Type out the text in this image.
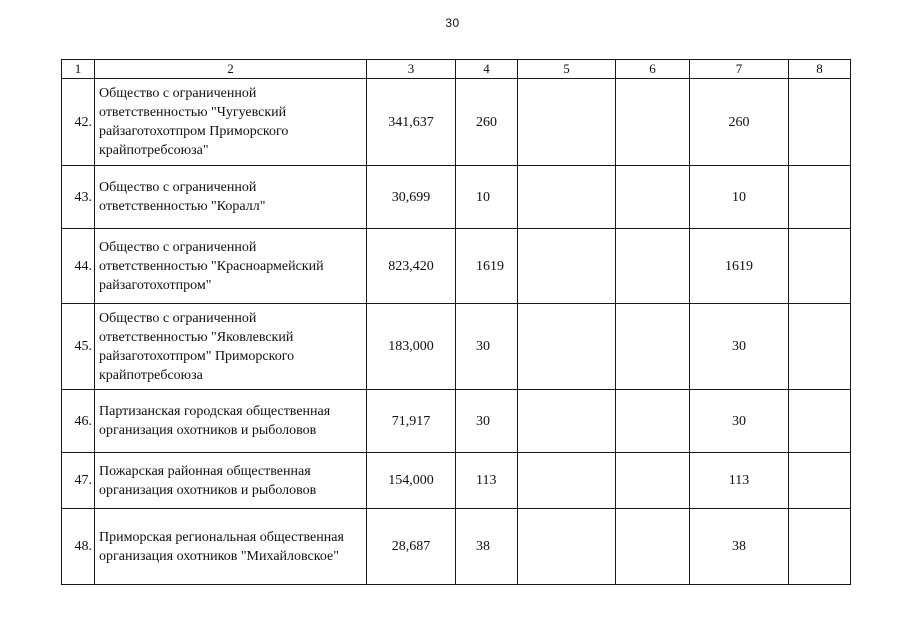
30
1	2	3	4	5	6	7	8
42.	Общество с ограниченной
ответственностью "Чугуевский
райзаготохотпром Приморского
крайпотребсоюза"	341,637	260			260	
43.	Общество с ограниченной
ответственностью "Коралл"	30,699	10			10	
44.	Общество с ограниченной
ответственностью "Красноармейский
райзаготохотпром"	823,420	1619			1619	
45.	Общество с ограниченной
ответственностью "Яковлевский
райзаготохотпром" Приморского
крайпотребсоюза	183,000	30			30	
46.	Партизанская городская общественная
организация охотников и рыболовов	71,917	30			30	
47.	Пожарская районная общественная
организация охотников и рыболовов	154,000	113			113	
48.	Приморская региональная общественная
организация охотников "Михайловское"	28,687	38			38	
